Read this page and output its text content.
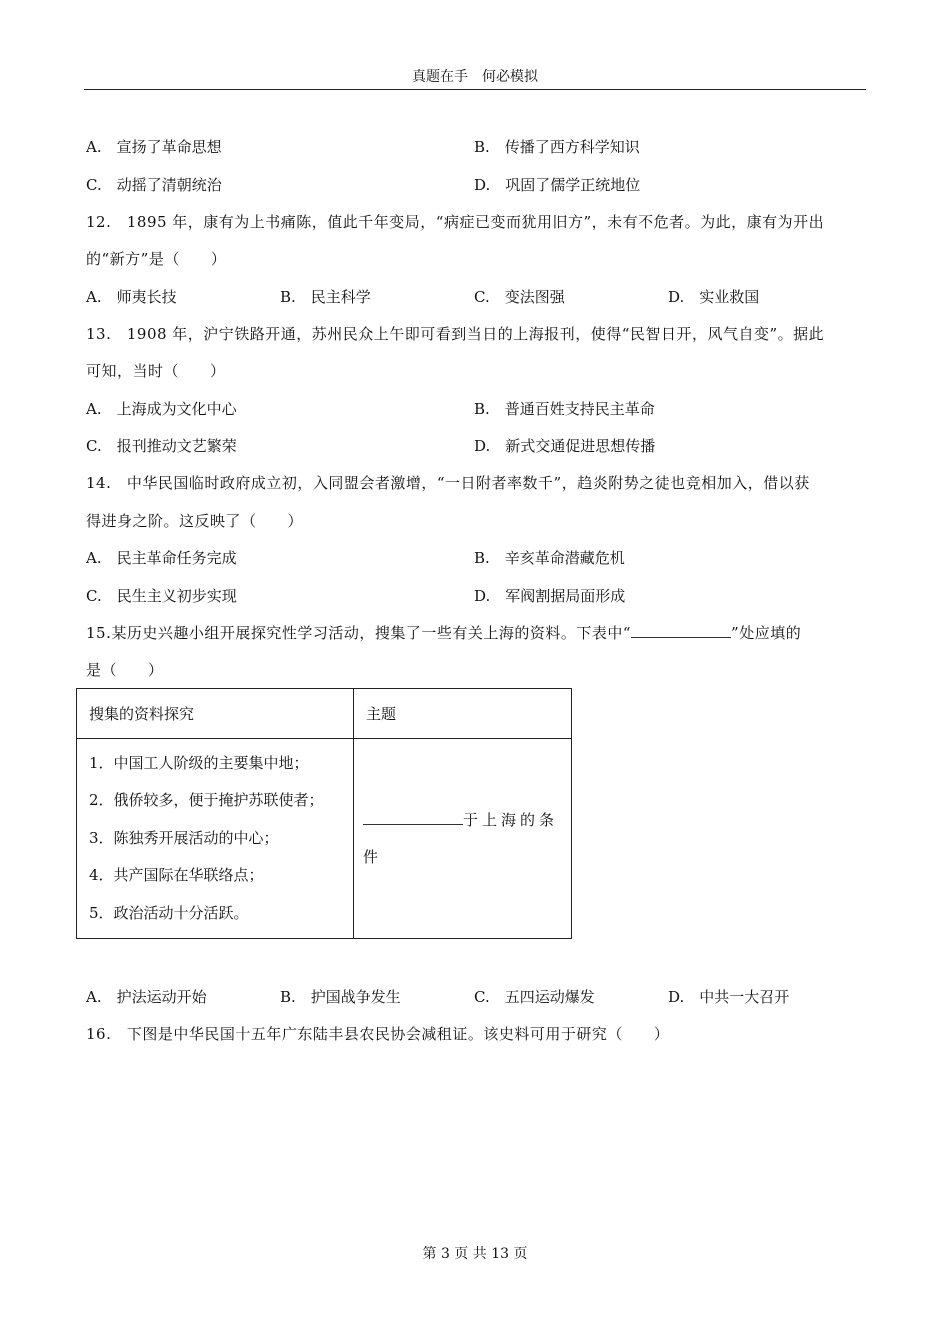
真题在手　何必模拟
A.　宣扬了革命思想	B.　传播了西方科学知识
C.　动摇了清朝统治	D.　巩固了儒学正统地位
12.　1895 年，康有为上书痛陈，值此千年变局，“病症已变而犹用旧方”，未有不危者。为此，康有为开出
的“新方”是（　　）
A.　师夷长技	B.　民主科学	C.　变法图强	D.　实业救国
13.　1908 年，沪宁铁路开通，苏州民众上午即可看到当日的上海报刊，使得“民智日开，风气自变”。据此
可知，当时（　　）
A.　上海成为文化中心	B.　普通百姓支持民主革命
C.　报刊推动文艺繁荣	D.　新式交通促进思想传播
14.　中华民国临时政府成立初，入同盟会者激增，“一日附者率数千”，趋炎附势之徒也竞相加入，借以获
得进身之阶。这反映了（　　）
A.　民主革命任务完成	B.　辛亥革命潜藏危机
C.　民生主义初步实现	D.　军阀割据局面形成
15.某历史兴趣小组开展探究性学习活动，搜集了一些有关上海的资料。下表中“	”处应填的
是（　　）
搜集的资料探究	主题

1．中国工人阶级的主要集中地；
2．俄侨较多，便于掩护苏联使者；
3．陈独秀开展活动的中心；
4．共产国际在华联络点；
5．政治活动十分活跃。	于上海的条件
A.　护法运动开始	B.　护国战争发生	C.　五四运动爆发	D.　中共一大召开
16.　下图是中华民国十五年广东陆丰县农民协会减租证。该史料可用于研究（　　）
第 3 页 共 13 页
